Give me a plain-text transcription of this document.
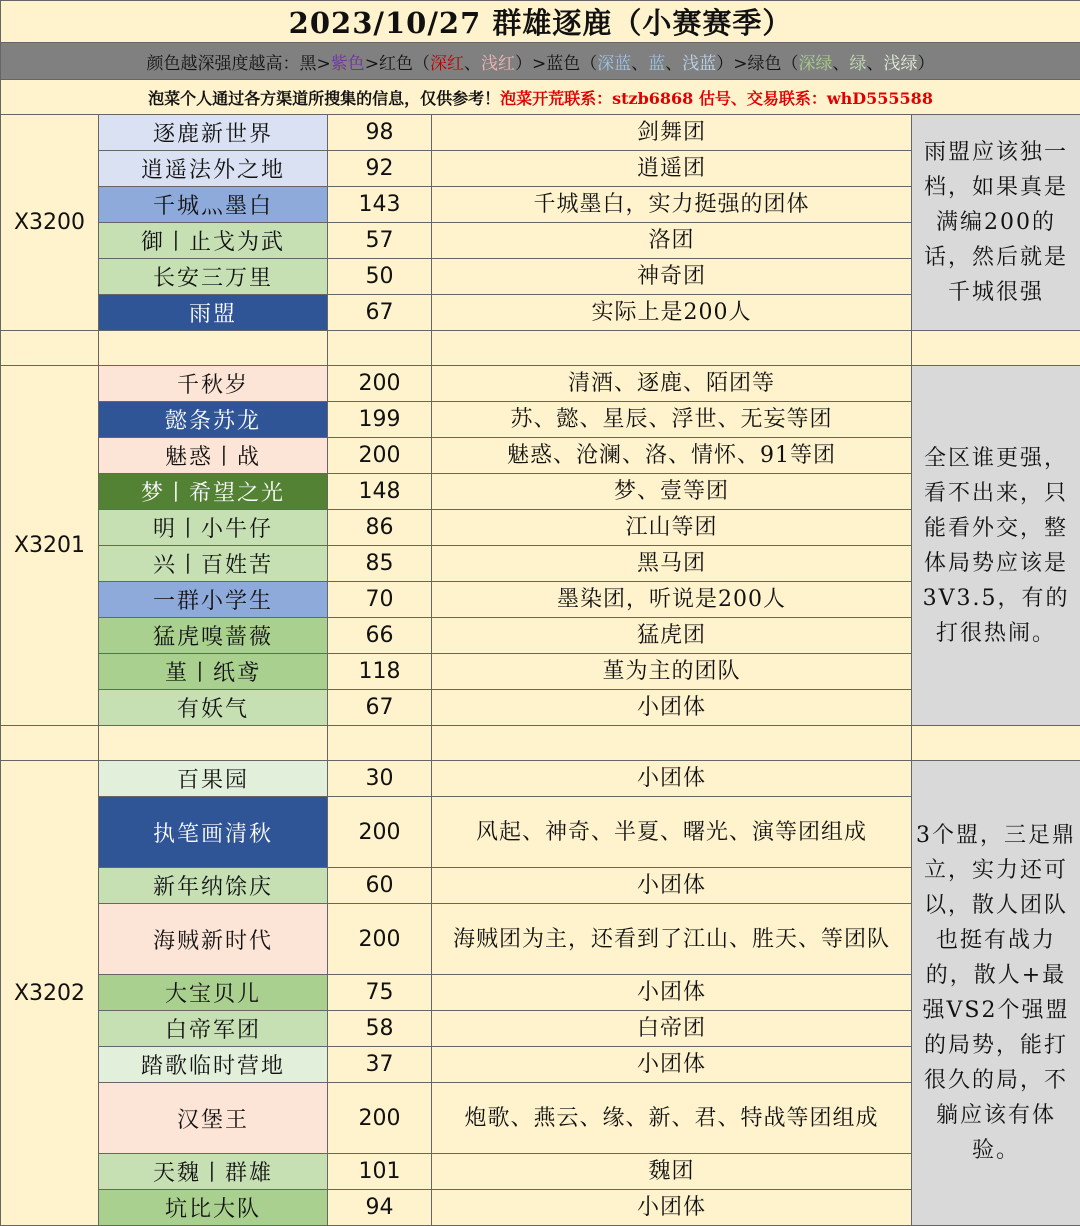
2023/10/27 群雄逐鹿（小赛赛季）				
颜色越深强度越高：黑>紫色>红色（深红、浅红）>蓝色（深蓝、蓝、浅蓝）>绿色（深绿、绿、浅绿）				
泡菜个人通过各方渠道所搜集的信息，仅供参考！泡菜开荒联系：stzb6868 估号、交易联系：whD555588				
X3200	逐鹿新世界	98	剑舞团	雨盟应该独一档，如果真是满编200的话，然后就是千城很强
	逍遥法外之地	92	逍遥团	
	千城灬墨白	143	千城墨白，实力挺强的团体	
	御丨止戈为武	57	洛团	
	长安三万里	50	神奇团	
	雨盟	67	实际上是200人	

X3201	千秋岁	200	清酒、逐鹿、陌团等	全区谁更强，看不出来，只能看外交，整体局势应该是3V3.5，有的打很热闹。
	懿条苏龙	199	苏、懿、星辰、浮世、无妄等团	
	魅惑丨战	200	魅惑、沧澜、洛、情怀、91等团	
	梦丨希望之光	148	梦、壹等团	
	明丨小牛仔	86	江山等团	
	兴丨百姓苦	85	黑马团	
	一群小学生	70	墨染团，听说是200人	
	猛虎嗅蔷薇	66	猛虎团	
	堇丨纸鸢	118	堇为主的团队	
	有妖气	67	小团体	

X3202	百果园	30	小团体	3个盟，三足鼎立，实力还可以，散人团队也挺有战力的，散人+最强VS2个强盟的局势，能打很久的局，不躺应该有体验。
	执笔画清秋	200	风起、神奇、半夏、曙光、演等团组成	
	新年纳馀庆	60	小团体	
	海贼新时代	200	海贼团为主，还看到了江山、胜天、等团队	
	大宝贝儿	75	小团体	
	白帝军团	58	白帝团	
	踏歌临时营地	37	小团体	
	汉堡王	200	炮歌、燕云、缘、新、君、特战等团组成	
	天魏丨群雄	101	魏团	
	坑比大队	94	小团体	
